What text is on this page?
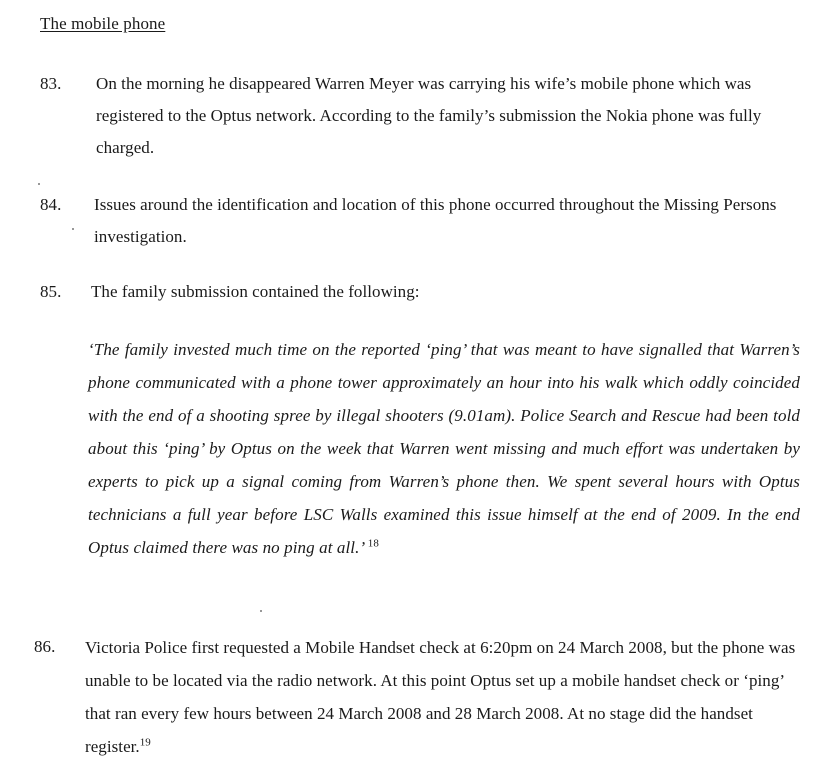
The mobile phone
83. On the morning he disappeared Warren Meyer was carrying his wife’s mobile phone which was registered to the Optus network. According to the family’s submission the Nokia phone was fully charged.
84. Issues around the identification and location of this phone occurred throughout the Missing Persons investigation.
85. The family submission contained the following:
‘The family invested much time on the reported ‘ping’ that was meant to have signalled that Warren’s phone communicated with a phone tower approximately an hour into his walk which oddly coincided with the end of a shooting spree by illegal shooters (9.01am). Police Search and Rescue had been told about this ‘ping’ by Optus on the week that Warren went missing and much effort was undertaken by experts to pick up a signal coming from Warren’s phone then. We spent several hours with Optus technicians a full year before LSC Walls examined this issue himself at the end of 2009. In the end Optus claimed there was no ping at all.’ $^{18}$
86. Victoria Police first requested a Mobile Handset check at 6:20pm on 24 March 2008, but the phone was unable to be located via the radio network. At this point Optus set up a mobile handset check or ‘ping’ that ran every few hours between 24 March 2008 and 28 March 2008. At no stage did the handset register.$^{19}$
